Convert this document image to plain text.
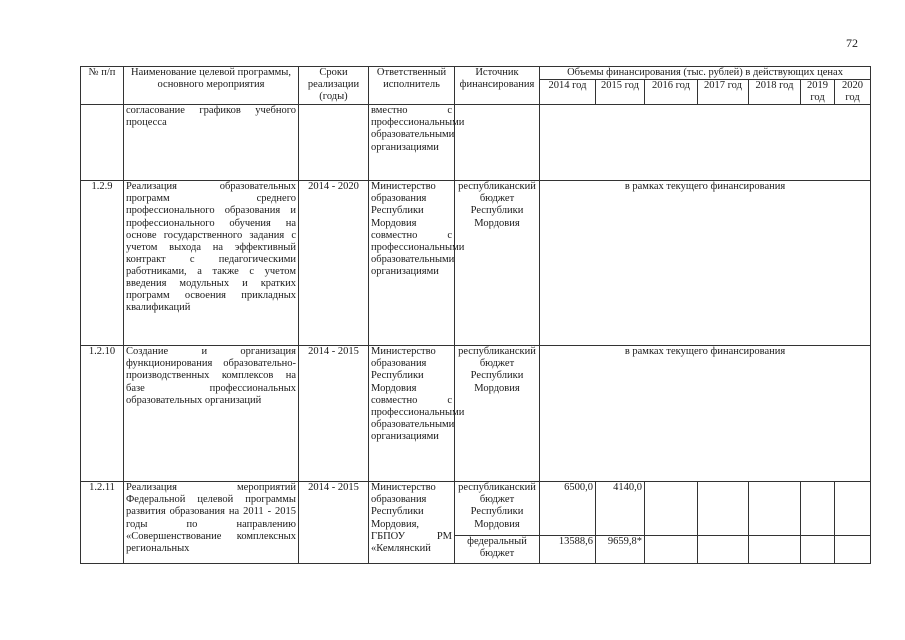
72
№ п/п	Наименование целевой программы, основного мероприятия	Сроки реализации (годы)	Ответственный исполнитель	Источник финансирования	Объемы финансирования (тыс. рублей) в действующих ценах						
					2014 год	2015 год	2016 год	2017 год	2018 год	2019 год	2020 год
	согласование графиков учебного процесса		вместно с профессиональными образовательными организациями								
1.2.9	Реализация образовательных программ среднего профессионального образования и профессионального обучения на основе государственного задания с учетом выхода на эффективный контракт с педагогическими работниками, а также с учетом введения модульных и кратких программ освоения прикладных квалификаций	2014 - 2020	Министерство образования Республики Мордовия совместно с профессиональными образовательными организациями	республиканский бюджет Республики Мордовия	в рамках текущего финансирования						
1.2.10	Создание и организация функционирования образовательно-производственных комплексов на базе профессиональных образовательных организаций	2014 - 2015	Министерство образования Республики Мордовия совместно с профессиональными образовательными организациями	республиканский бюджет Республики Мордовия	в рамках текущего финансирования						
1.2.11	Реализация мероприятий Федеральной целевой программы развития образования на 2011 - 2015 годы по направлению «Совершенствование комплексных региональных	2014 - 2015	Министерство образования Республики Мордовия, ГБПОУ РМ «Кемлянский	республиканский бюджет Республики Мордовия	6500,0	4140,0					
				федеральный бюджет	13588,6	9659,8*					
